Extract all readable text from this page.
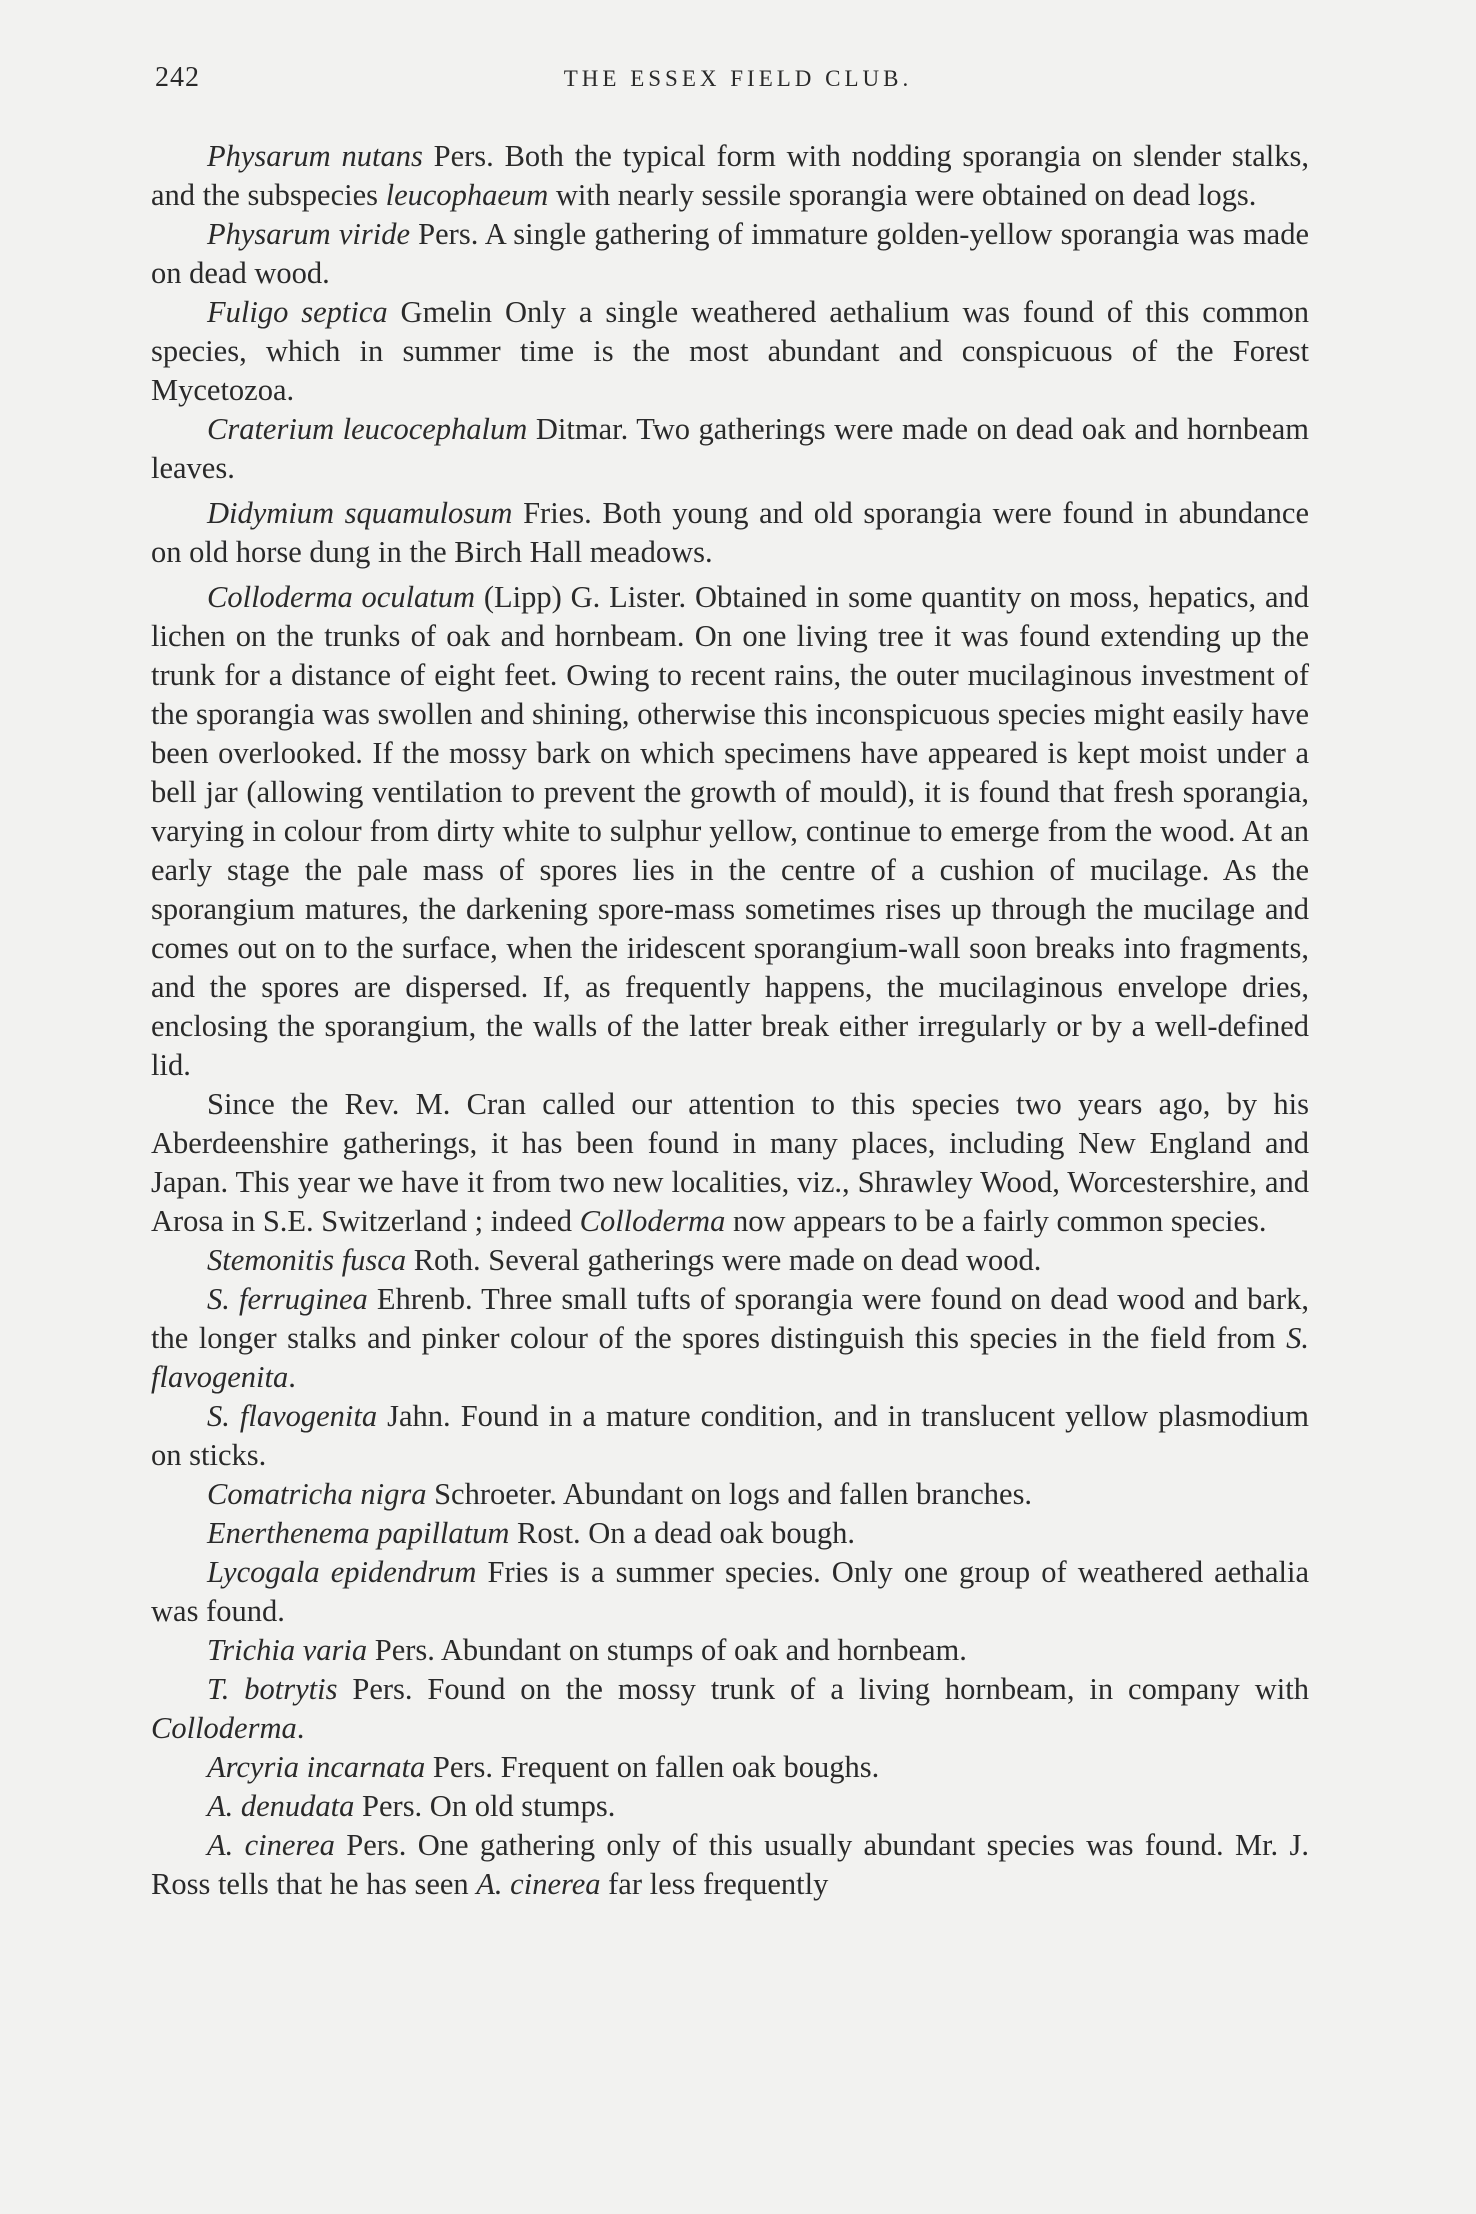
242	THE ESSEX FIELD CLUB.

Physarum nutans Pers. Both the typical form with nodding sporangia on slender stalks, and the subspecies leucophaeum with nearly sessile sporangia were obtained on dead logs.

Physarum viride Pers. A single gathering of immature golden-yellow sporangia was made on dead wood.

Fuligo septica Gmelin Only a single weathered aethalium was found of this common species, which in summer time is the most abundant and conspicuous of the Forest Mycetozoa.

Craterium leucocephalum Ditmar. Two gatherings were made on dead oak and hornbeam leaves.

Didymium squamulosum Fries. Both young and old sporangia were found in abundance on old horse dung in the Birch Hall meadows.

Colloderma oculatum (Lipp) G. Lister. Obtained in some quantity on moss, hepatics, and lichen on the trunks of oak and hornbeam. On one living tree it was found extending up the trunk for a distance of eight feet. Owing to recent rains, the outer mucilaginous investment of the sporangia was swollen and shining, otherwise this inconspicuous species might easily have been overlooked. If the mossy bark on which specimens have appeared is kept moist under a bell jar (allowing ventilation to prevent the growth of mould), it is found that fresh sporangia, varying in colour from dirty white to sulphur yellow, continue to emerge from the wood. At an early stage the pale mass of spores lies in the centre of a cushion of mucilage. As the sporangium matures, the darkening spore-mass sometimes rises up through the mucilage and comes out on to the surface, when the iridescent sporangium-wall soon breaks into fragments, and the spores are dispersed. If, as frequently happens, the mucilaginous envelope dries, enclosing the sporangium, the walls of the latter break either irregularly or by a well-defined lid.

Since the Rev. M. Cran called our attention to this species two years ago, by his Aberdeenshire gatherings, it has been found in many places, including New England and Japan. This year we have it from two new localities, viz., Shrawley Wood, Worcestershire, and Arosa in S.E. Switzerland ; indeed Colloderma now appears to be a fairly common species.

Stemonitis fusca Roth. Several gatherings were made on dead wood.

S. ferruginea Ehrenb. Three small tufts of sporangia were found on dead wood and bark, the longer stalks and pinker colour of the spores distinguish this species in the field from S. flavogenita.

S. flavogenita Jahn. Found in a mature condition, and in translucent yellow plasmodium on sticks.

Comatricha nigra Schroeter. Abundant on logs and fallen branches.

Enerthenema papillatum Rost. On a dead oak bough.

Lycogala epidendrum Fries is a summer species. Only one group of weathered aethalia was found.

Trichia varia Pers. Abundant on stumps of oak and hornbeam.

T. botrytis Pers. Found on the mossy trunk of a living hornbeam, in company with Colloderma.

Arcyria incarnata Pers. Frequent on fallen oak boughs.

A. denudata Pers. On old stumps.

A. cinerea Pers. One gathering only of this usually abundant species was found. Mr. J. Ross tells that he has seen A. cinerea far less frequently
